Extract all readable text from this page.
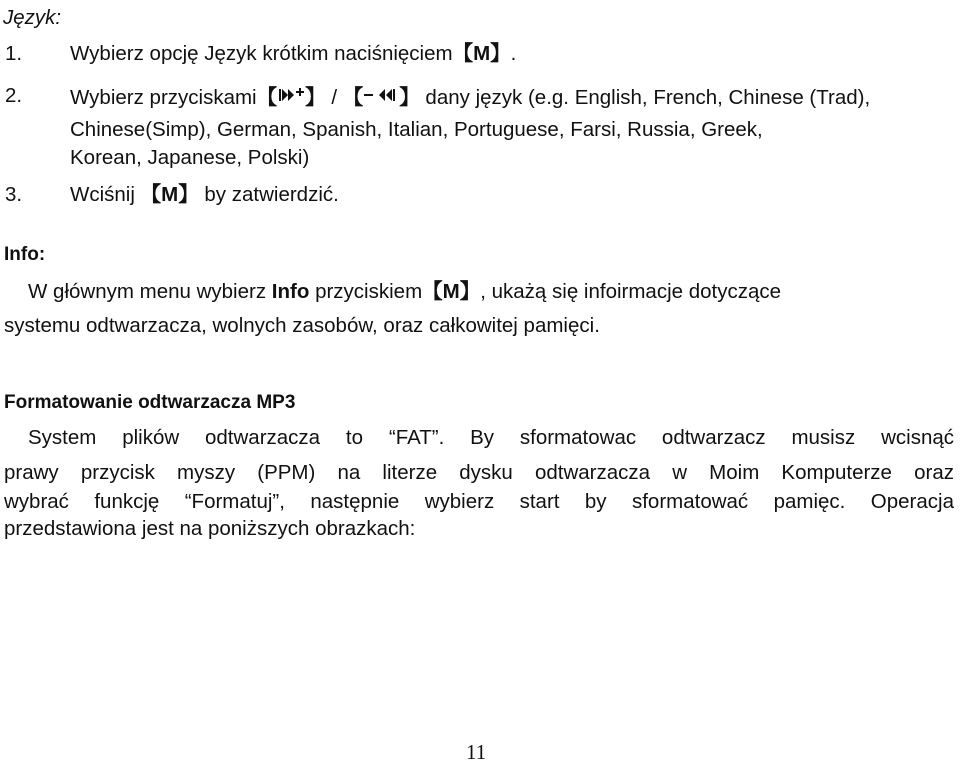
Język:
1. Wybierz opcję Język krótkim naciśnięciem【M】.
2. Wybierz przyciskami【 】 / 【 】 dany język (e.g. English, French, Chinese (Trad),
Chinese(Simp), German, Spanish, Italian, Portuguese, Farsi, Russia, Greek,
Korean, Japanese, Polski)
3. Wciśnij 【M】 by zatwierdzić.
Info:
W głównym menu wybierz Info przyciskiem【M】, ukażą się infoirmacje dotyczące
systemu odtwarzacza, wolnych zasobów, oraz całkowitej pamięci.
Formatowanie odtwarzacza MP3
System plików odtwarzacza to “FAT”. By sformatowac odtwarzacz musisz wcisnąć
prawy przycisk myszy (PPM) na literze dysku odtwarzacza w Moim Komputerze oraz
wybrać funkcję “Formatuj”, następnie wybierz start by sformatować pamięc. Operacja
przedstawiona jest na poniższych obrazkach:
11
